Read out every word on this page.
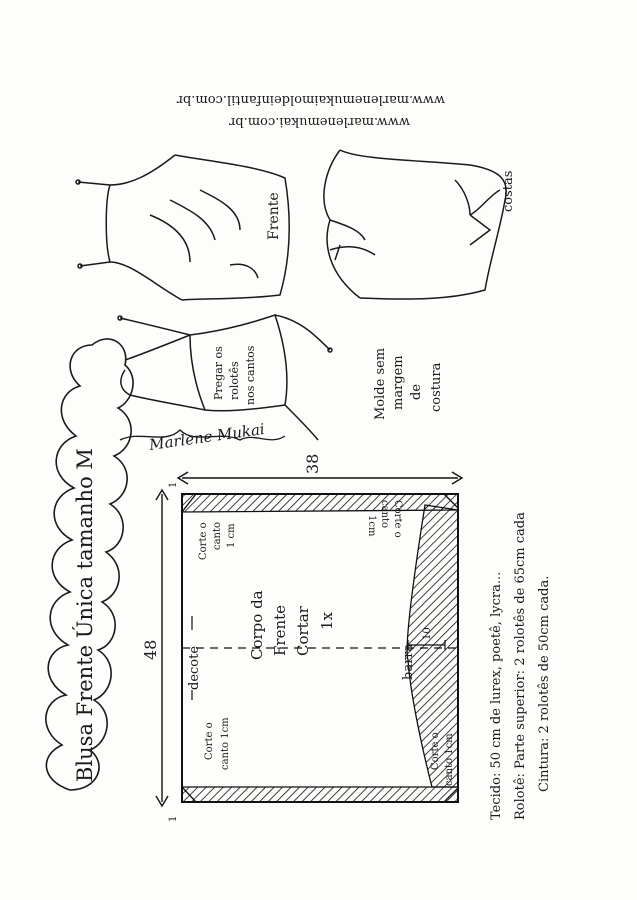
Blusa Frente Única tamanho M
www.marlenemukai.com.br
www.marlenemukaimoldeinfantil.com.br
Frente
costas
Pregar os rolotês nos cantos	Molde sem margem de costura
Marlene Mukai
48
38
1
1
Corpo da Frente Cortar 1x
decote	barra
10
Corte o canto 1 cm
Corte o canto 1cm	Corte o canto 1cm
Corte o
canto
1cm
Tecido: 50 cm de lurex, poetê, lycra... Rolotê: Parte superior: 2 rolotês de 65cm cada Cintura: 2 rolotês de 50cm cada.
